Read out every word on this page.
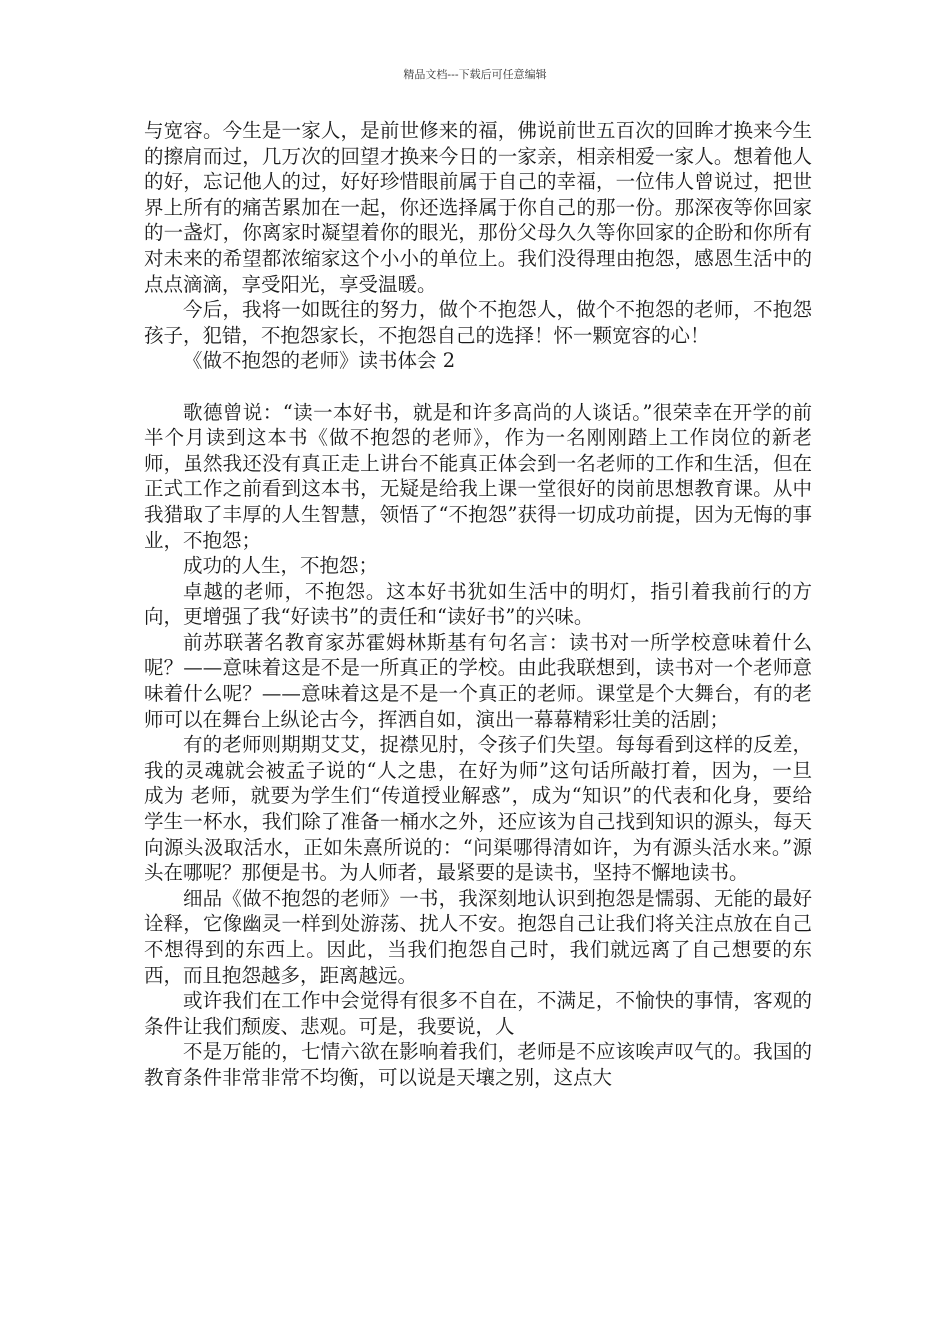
精品文档---下载后可任意编辑

与宽容。今生是一家人，是前世修来的福，佛说前世五百次的回眸才换来今生的擦肩而过，几万次的回望才换来今日的一家亲，相亲相爱一家人。想着他人的好，忘记他人的过，好好珍惜眼前属于自己的幸福，一位伟人曾说过，把世界上所有的痛苦累加在一起，你还选择属于你自己的那一份。那深夜等你回家的一盏灯，你离家时凝望着你的眼光，那份父母久久等你回家的企盼和你所有对未来的希望都浓缩家这个小小的单位上。我们没得理由抱怨，感恩生活中的点点滴滴，享受阳光，享受温暖。

今后，我将一如既往的努力，做个不抱怨人，做个不抱怨的老师，不抱怨孩子，犯错，不抱怨家长，不抱怨自己的选择！怀一颗宽容的心！

《做不抱怨的老师》读书体会 2

歌德曾说：“读一本好书，就是和许多高尚的人谈话。”很荣幸在开学的前半个月读到这本书《做不抱怨的老师》，作为一名刚刚踏上工作岗位的新老师，虽然我还没有真正走上讲台不能真正体会到一名老师的工作和生活，但在正式工作之前看到这本书，无疑是给我上课一堂很好的岗前思想教育课。从中我猎取了丰厚的人生智慧，领悟了“不抱怨”获得一切成功前提，因为无悔的事业，不抱怨；

成功的人生，不抱怨；

卓越的老师，不抱怨。这本好书犹如生活中的明灯，指引着我前行的方向，更增强了我“好读书”的责任和“读好书”的兴味。

前苏联著名教育家苏霍姆林斯基有句名言：读书对一所学校意味着什么呢？——意味着这是不是一所真正的学校。由此我联想到，读书对一个老师意味着什么呢？——意味着这是不是一个真正的老师。课堂是个大舞台，有的老师可以在舞台上纵论古今，挥洒自如，演出一幕幕精彩壮美的活剧；

有的老师则期期艾艾，捉襟见肘，令孩子们失望。每每看到这样的反差，我的灵魂就会被孟子说的“人之患，在好为师”这句话所敲打着，因为，一旦 成为 老师，就要为学生们“传道授业解惑”，成为“知识”的代表和化身，要给学生一杯水，我们除了准备一桶水之外，还应该为自己找到知识的源头，每天向源头汲取活水，正如朱熹所说的：“问渠哪得清如许，为有源头活水来。”源头在哪呢？那便是书。为人师者，最紧要的是读书，坚持不懈地读书。

细品《做不抱怨的老师》一书，我深刻地认识到抱怨是懦弱、无能的最好诠释，它像幽灵一样到处游荡、扰人不安。抱怨自己让我们将关注点放在自己不想得到的东西上。因此，当我们抱怨自己时，我们就远离了自己想要的东西，而且抱怨越多，距离越远。

或许我们在工作中会觉得有很多不自在，不满足，不愉快的事情，客观的条件让我们颓废、悲观。可是，我要说，人

不是万能的，七情六欲在影响着我们，老师是不应该唉声叹气的。我国的教育条件非常非常不均衡，可以说是天壤之别，这点大
